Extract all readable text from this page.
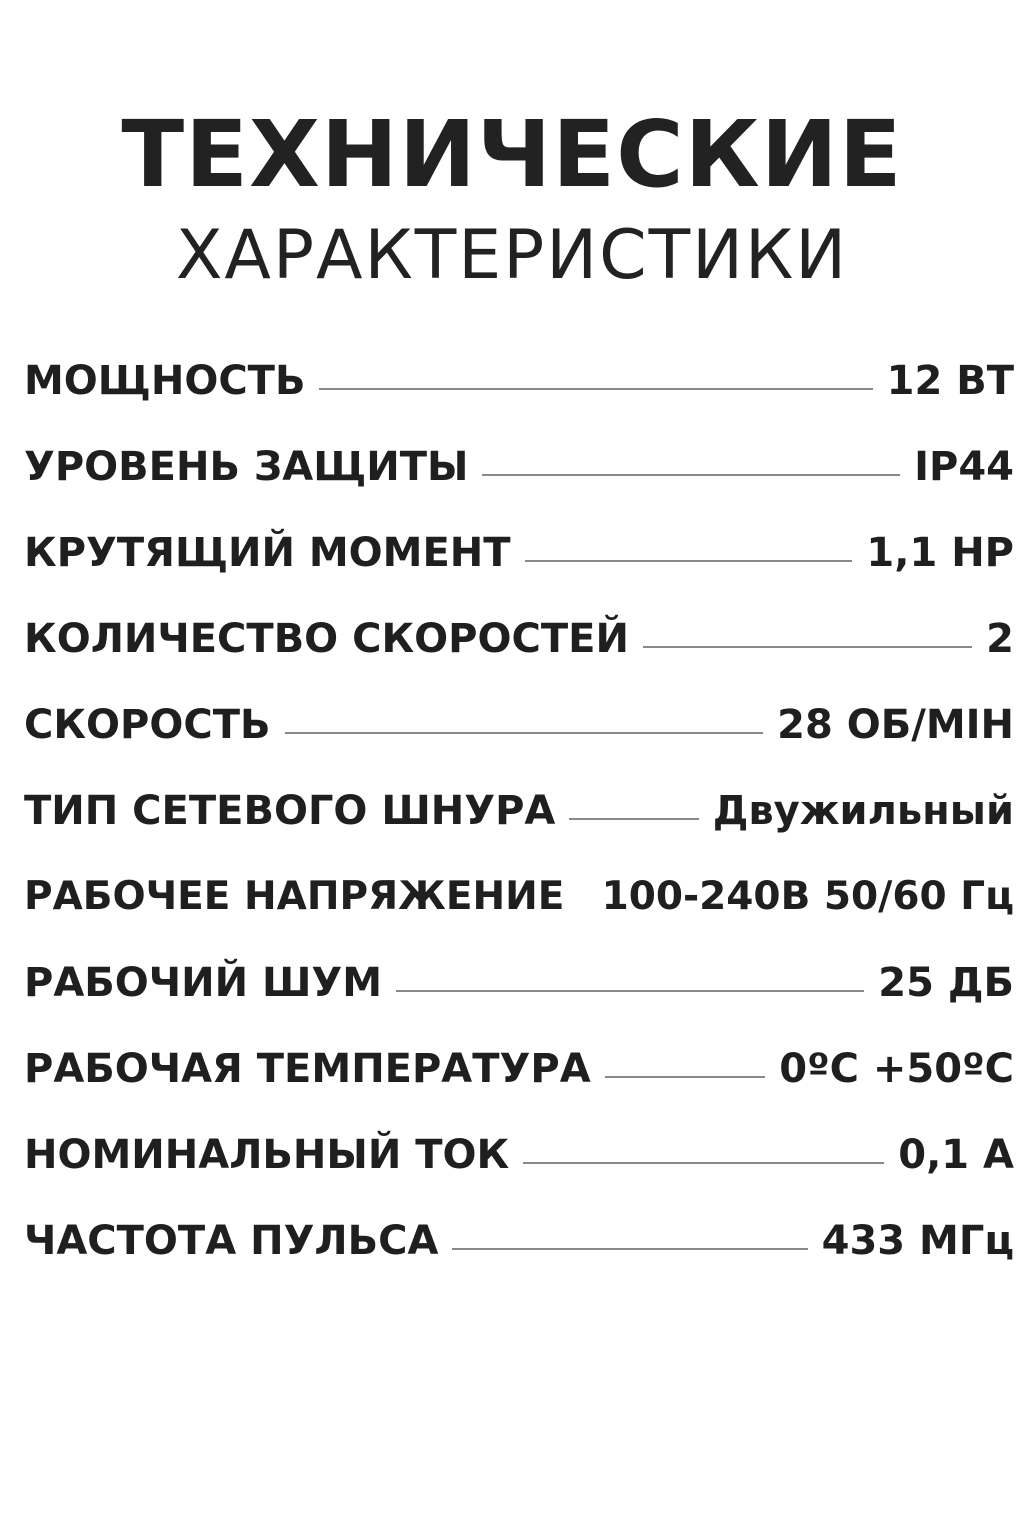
ТЕХНИЧЕСКИЕ
ХАРАКТЕРИСТИКИ
МОЩНОСТЬ	12 ВТ
УРОВЕНЬ ЗАЩИТЫ	IP44
КРУТЯЩИЙ МОМЕНТ	1,1 HP
КОЛИЧЕСТВО СКОРОСТЕЙ	2
СКОРОСТЬ	28 ОБ/МІН
ТИП СЕТЕВОГО ШНУРА	Двужильный
РАБОЧЕЕ НАПРЯЖЕНИЕ 100-240В 50/60 Гц
РАБОЧИЙ ШУМ	25 ДБ
РАБОЧАЯ ТЕМПЕРАТУРА	0ºC +50ºC
НОМИНАЛЬНЫЙ ТОК	0,1 А
ЧАСТОТА ПУЛЬСА	433 МГц
